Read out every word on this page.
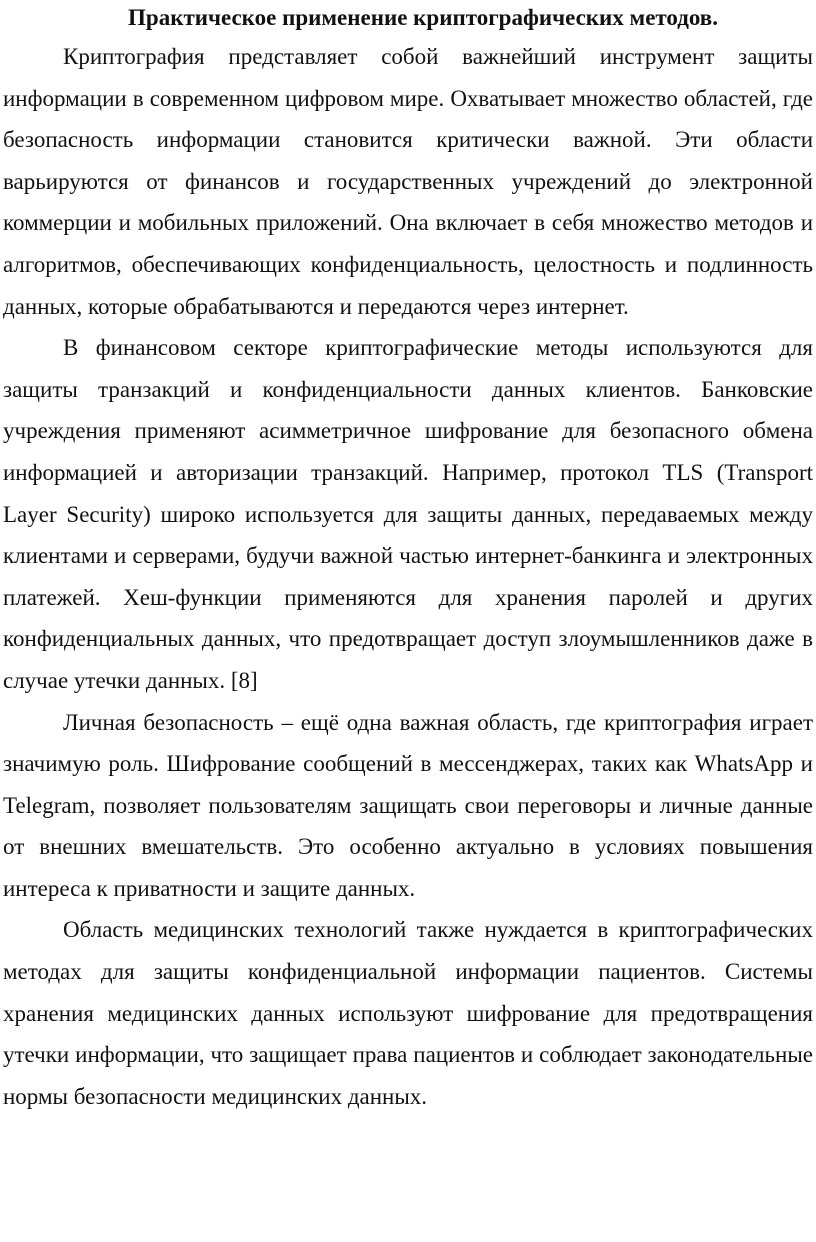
Практическое применение криптографических методов.

Криптография представляет собой важнейший инструмент защиты информации в современном цифровом мире. Охватывает множество областей, где безопасность информации становится критически важной. Эти области варьируются от финансов и государственных учреждений до электронной коммерции и мобильных приложений. Она включает в себя множество методов и алгоритмов, обеспечивающих конфиденциальность, целостность и подлинность данных, которые обрабатываются и передаются через интернет.

В финансовом секторе криптографические методы используются для защиты транзакций и конфиденциальности данных клиентов. Банковские учреждения применяют асимметричное шифрование для безопасного обмена информацией и авторизации транзакций. Например, протокол TLS (Transport Layer Security) широко используется для защиты данных, передаваемых между клиентами и серверами, будучи важной частью интернет-банкинга и электронных платежей. Хеш-функции применяются для хранения паролей и других конфиденциальных данных, что предотвращает доступ злоумышленников даже в случае утечки данных. [8]

Личная безопасность – ещё одна важная область, где криптография играет значимую роль. Шифрование сообщений в мессенджерах, таких как WhatsApp и Telegram, позволяет пользователям защищать свои переговоры и личные данные от внешних вмешательств. Это особенно актуально в условиях повышения интереса к приватности и защите данных.

Область медицинских технологий также нуждается в криптографических методах для защиты конфиденциальной информации пациентов. Системы хранения медицинских данных используют шифрование для предотвращения утечки информации, что защищает права пациентов и соблюдает законодательные нормы безопасности медицинских данных.
